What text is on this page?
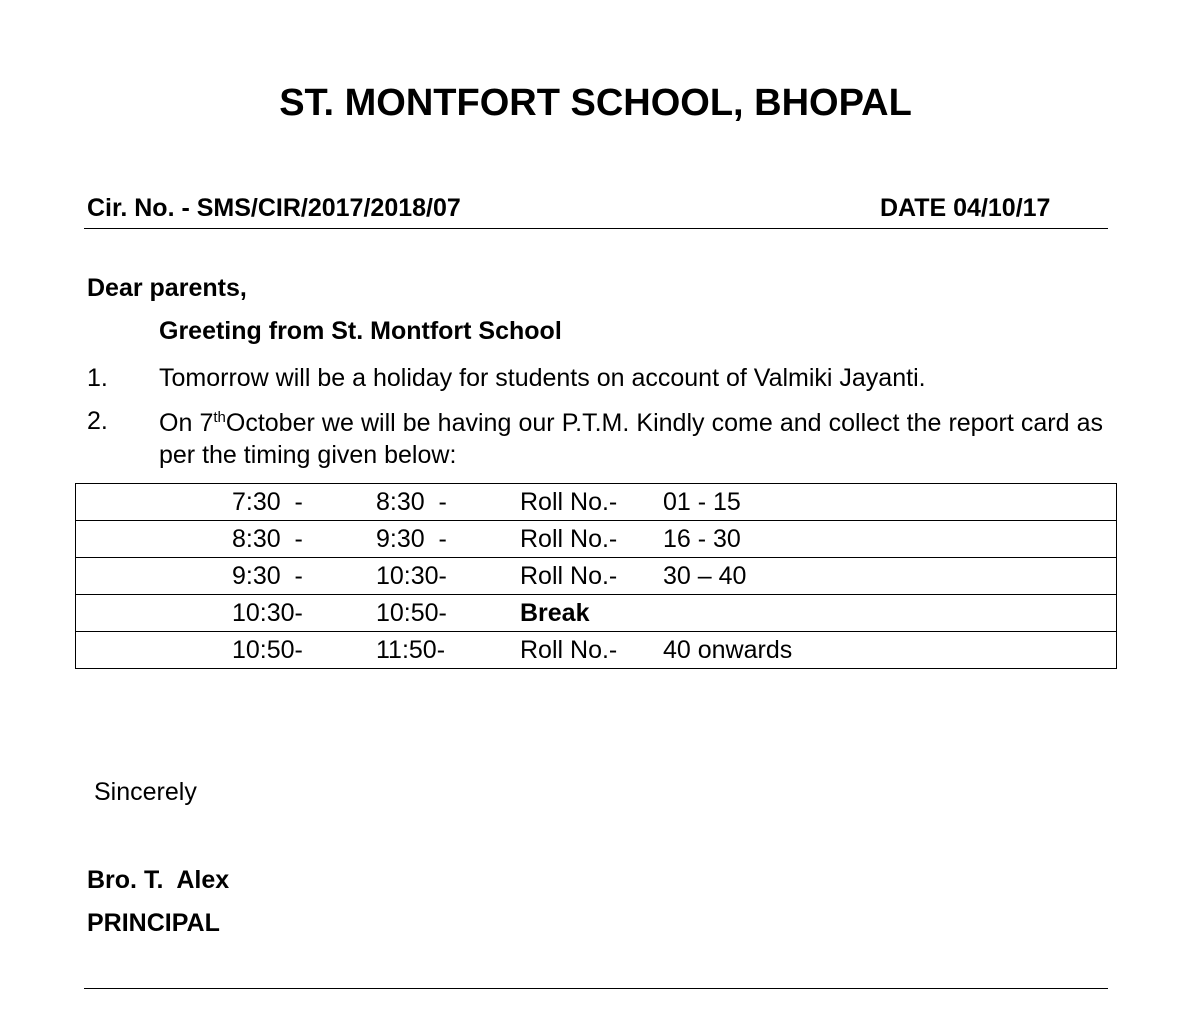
ST. MONTFORT SCHOOL, BHOPAL
Cir. No. - SMS/CIR/2017/2018/07	DATE 04/10/17
Dear parents,
Greeting from St. Montfort School
1. Tomorrow will be a holiday for students on account of Valmiki Jayanti.
2. On 7thOctober we will be having our P.T.M. Kindly come and collect the report card as per the timing given below:
	7:30  -	8:30  -	Roll No.-	01 - 15
	8:30  -	9:30  -	Roll No.-	16 - 30
	9:30  -	10:30-	Roll No.-	30 – 40
	10:30-	10:50-	Break	
	10:50-	11:50-	Roll No.-	40 onwards
Sincerely
Bro. T.  Alex
PRINCIPAL
